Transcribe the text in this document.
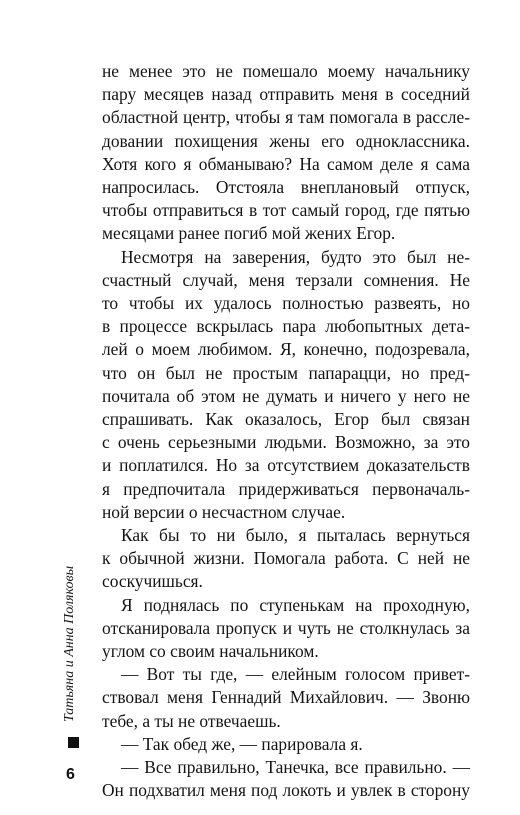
не менее это не помешало моему начальнику

пару месяцев назад отправить меня в соседний

областной центр, чтобы я там помогала в рассле-

довании похищения жены его одноклассника.

Хотя кого я обманываю? На самом деле я сама

напросилась. Отстояла внеплановый отпуск,

чтобы отправиться в тот самый город, где пятью

месяцами ранее погиб мой жених Егор.

Несмотря на заверения, будто это был не-

счастный случай, меня терзали сомнения. Не

то чтобы их удалось полностью развеять, но

в процессе вскрылась пара любопытных дета-

лей о моем любимом. Я, конечно, подозревала,

что он был не простым папарацци, но пред-

почитала об этом не думать и ничего у него не

спрашивать. Как оказалось, Егор был связан

с очень серьезными людьми. Возможно, за это

и поплатился. Но за отсутствием доказательств

я предпочитала придерживаться первоначаль-

ной версии о несчастном случае.

Как бы то ни было, я пыталась вернуться

к обычной жизни. Помогала работа. С ней не

соскучишься.

Я поднялась по ступенькам на проходную,

отсканировала пропуск и чуть не столкнулась за

углом со своим начальником.

— Вот ты где, — елейным голосом привет-

ствовал меня Геннадий Михайлович. — Звоню

тебе, а ты не отвечаешь.

— Так обед же, — парировала я.

— Все правильно, Танечка, все правильно. —

Он подхватил меня под локоть и увлек в сторону

Татьяна и Анна Поляковы
6
